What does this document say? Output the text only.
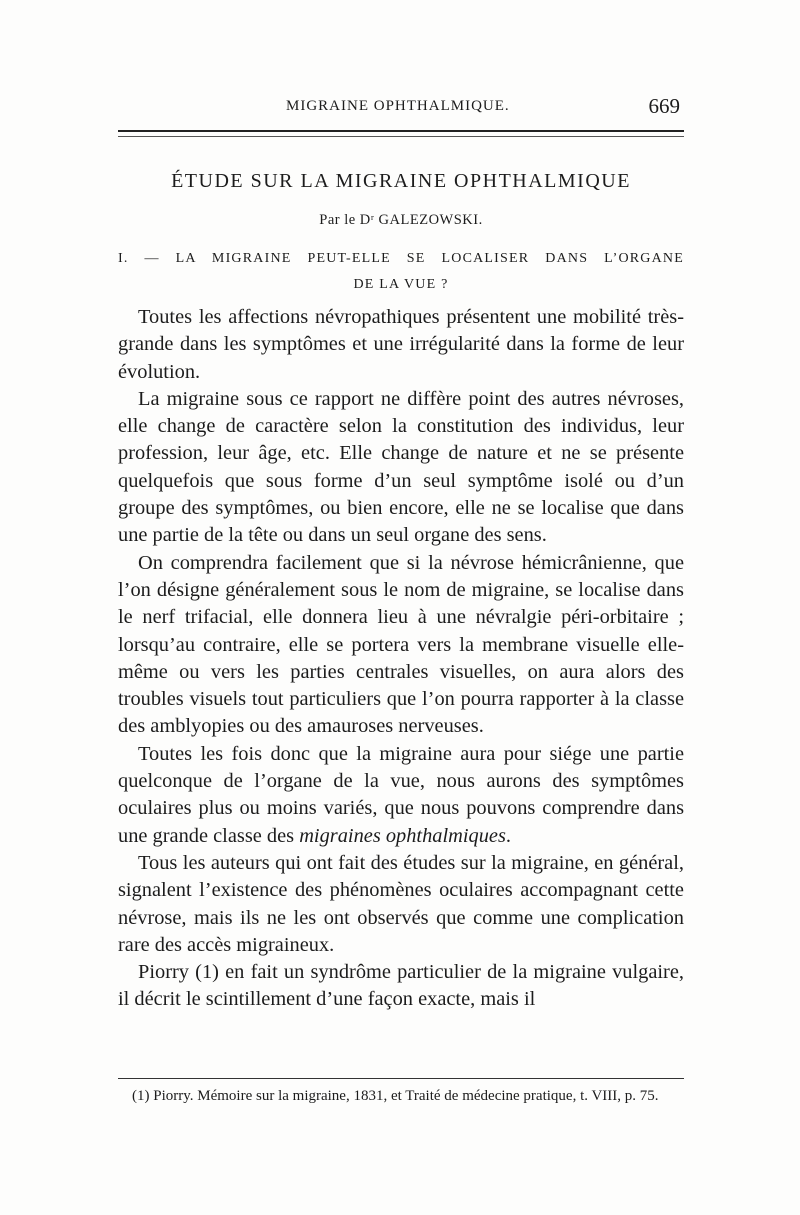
MIGRAINE OPHTHALMIQUE.	669
ÉTUDE SUR LA MIGRAINE OPHTHALMIQUE
Par le Dʳ GALEZOWSKI.
I. — LA MIGRAINE PEUT-ELLE SE LOCALISER DANS L’ORGANE
DE LA VUE ?

Toutes les affections névropathiques présentent une mobilité très-grande dans les symptômes et une irrégularité dans la forme de leur évolution.

La migraine sous ce rapport ne diffère point des autres névroses, elle change de caractère selon la constitution des individus, leur profession, leur âge, etc. Elle change de nature et ne se présente quelquefois que sous forme d’un seul symptôme isolé ou d’un groupe des symptômes, ou bien encore, elle ne se localise que dans une partie de la tête ou dans un seul organe des sens.

On comprendra facilement que si la névrose hémicrânienne, que l’on désigne généralement sous le nom de migraine, se localise dans le nerf trifacial, elle donnera lieu à une névralgie péri-orbitaire ; lorsqu’au contraire, elle se portera vers la membrane visuelle elle-même ou vers les parties centrales visuelles, on aura alors des troubles visuels tout particuliers que l’on pourra rapporter à la classe des amblyopies ou des amauroses nerveuses.

Toutes les fois donc que la migraine aura pour siége une partie quelconque de l’organe de la vue, nous aurons des symptômes oculaires plus ou moins variés, que nous pouvons comprendre dans une grande classe des migraines ophthalmiques.

Tous les auteurs qui ont fait des études sur la migraine, en général, signalent l’existence des phénomènes oculaires accompagnant cette névrose, mais ils ne les ont observés que comme une complication rare des accès migraineux.

Piorry (1) en fait un syndrôme particulier de la migraine vulgaire, il décrit le scintillement d’une façon exacte, mais il

(1) Piorry. Mémoire sur la migraine, 1831, et Traité de médecine pratique, t. VIII, p. 75.
